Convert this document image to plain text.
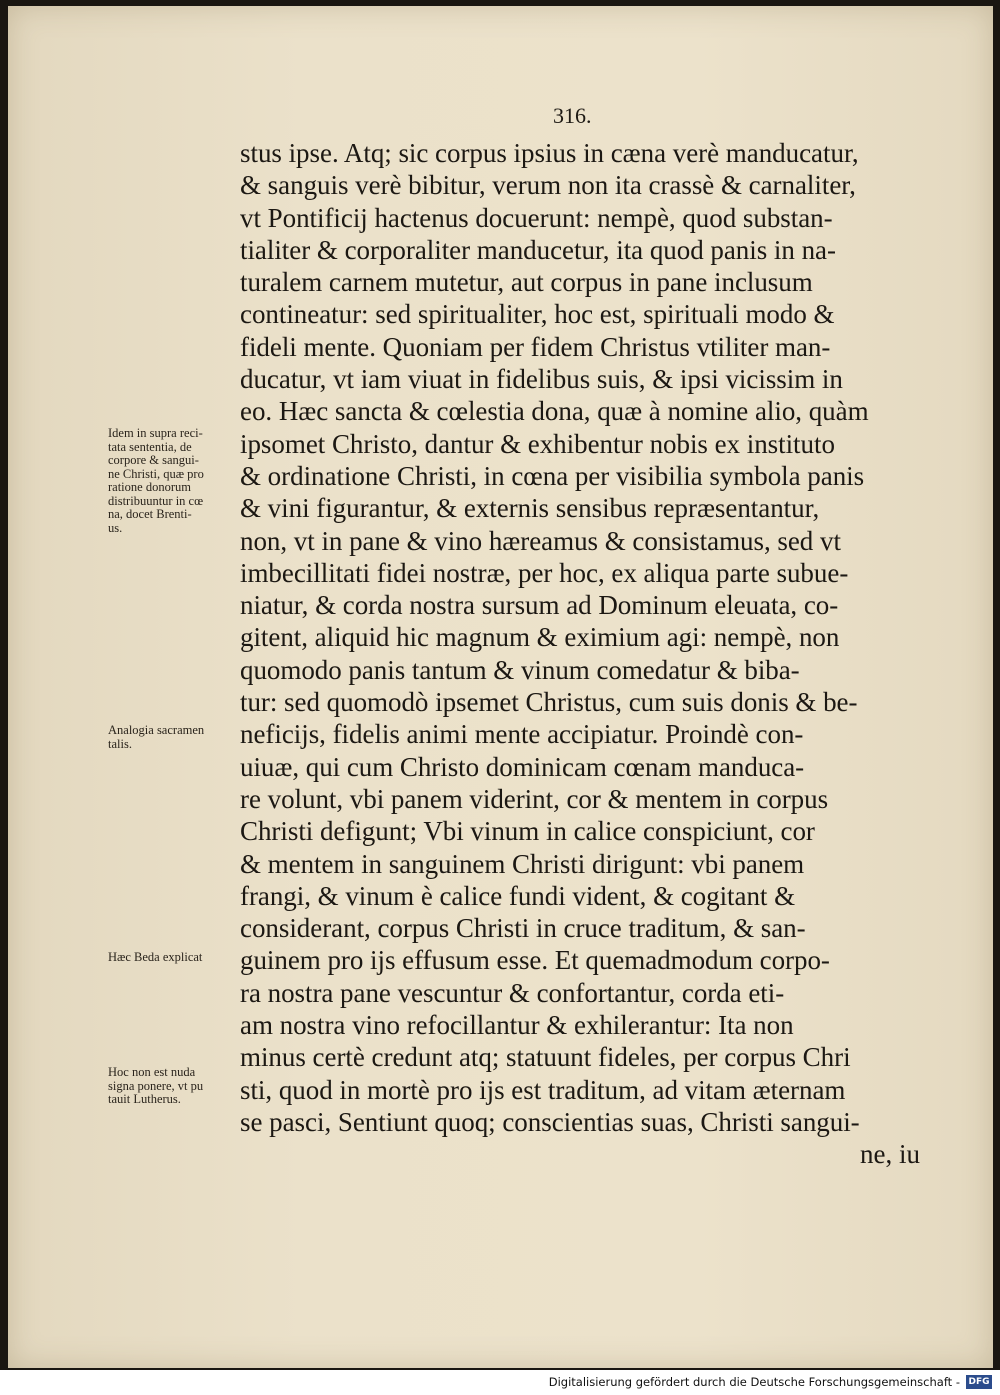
316.
stus ipse. Atq; sic corpus ipsius in cæna verè manducatur,
& sanguis verè bibitur, verum non ita crassè & carnaliter,
vt Pontificij hactenus docuerunt: nempè, quod substan-
tialiter & corporaliter manducetur, ita quod panis in na-
turalem carnem mutetur, aut corpus in pane inclusum
contineatur: sed spiritualiter, hoc est, spirituali modo &
fideli mente. Quoniam per fidem Christus vtiliter man-
ducatur, vt iam viuat in fidelibus suis, & ipsi vicissim in
eo. Hæc sancta & cœlestia dona, quæ à nomine alio, quàm
ipsomet Christo, dantur & exhibentur nobis ex instituto
& ordinatione Christi, in cœna per visibilia symbola panis
& vini figurantur, & externis sensibus repræsentantur,
non, vt in pane & vino hæreamus & consistamus, sed vt
imbecillitati fidei nostræ, per hoc, ex aliqua parte subue-
niatur, & corda nostra sursum ad Dominum eleuata, co-
gitent, aliquid hic magnum & eximium agi: nempè, non
quomodo panis tantum & vinum comedatur & biba-
tur: sed quomodò ipsemet Christus, cum suis donis & be-
neficijs, fidelis animi mente accipiatur. Proindè con-
uiuæ, qui cum Christo dominicam cœnam manduca-
re volunt, vbi panem viderint, cor & mentem in corpus
Christi defigunt; Vbi vinum in calice conspiciunt, cor
& mentem in sanguinem Christi dirigunt: vbi panem
frangi, & vinum è calice fundi vident, & cogitant &
considerant, corpus Christi in cruce traditum, & san-
guinem pro ijs effusum esse. Et quemadmodum corpo-
ra nostra pane vescuntur & confortantur, corda eti-
am nostra vino refocillantur & exhilerantur: Ita non
minus certè credunt atq; statuunt fideles, per corpus Chri
sti, quod in mortè pro ijs est traditum, ad vitam æternam
se pasci, Sentiunt quoq; conscientias suas, Christi sangui-
ne, iu
Idem in supra reci-
tata sententia, de
corpore & sangui-
ne Christi, quæ pro
ratione donorum
distribuuntur in cœ
na, docet Brenti-
us.
Analogia sacramen
talis.
Hæc Beda explicat
Hoc non est nuda
signa ponere, vt pu
tauit Lutherus.
Digitalisierung gefördert durch die Deutsche Forschungsgemeinschaft - DFG
